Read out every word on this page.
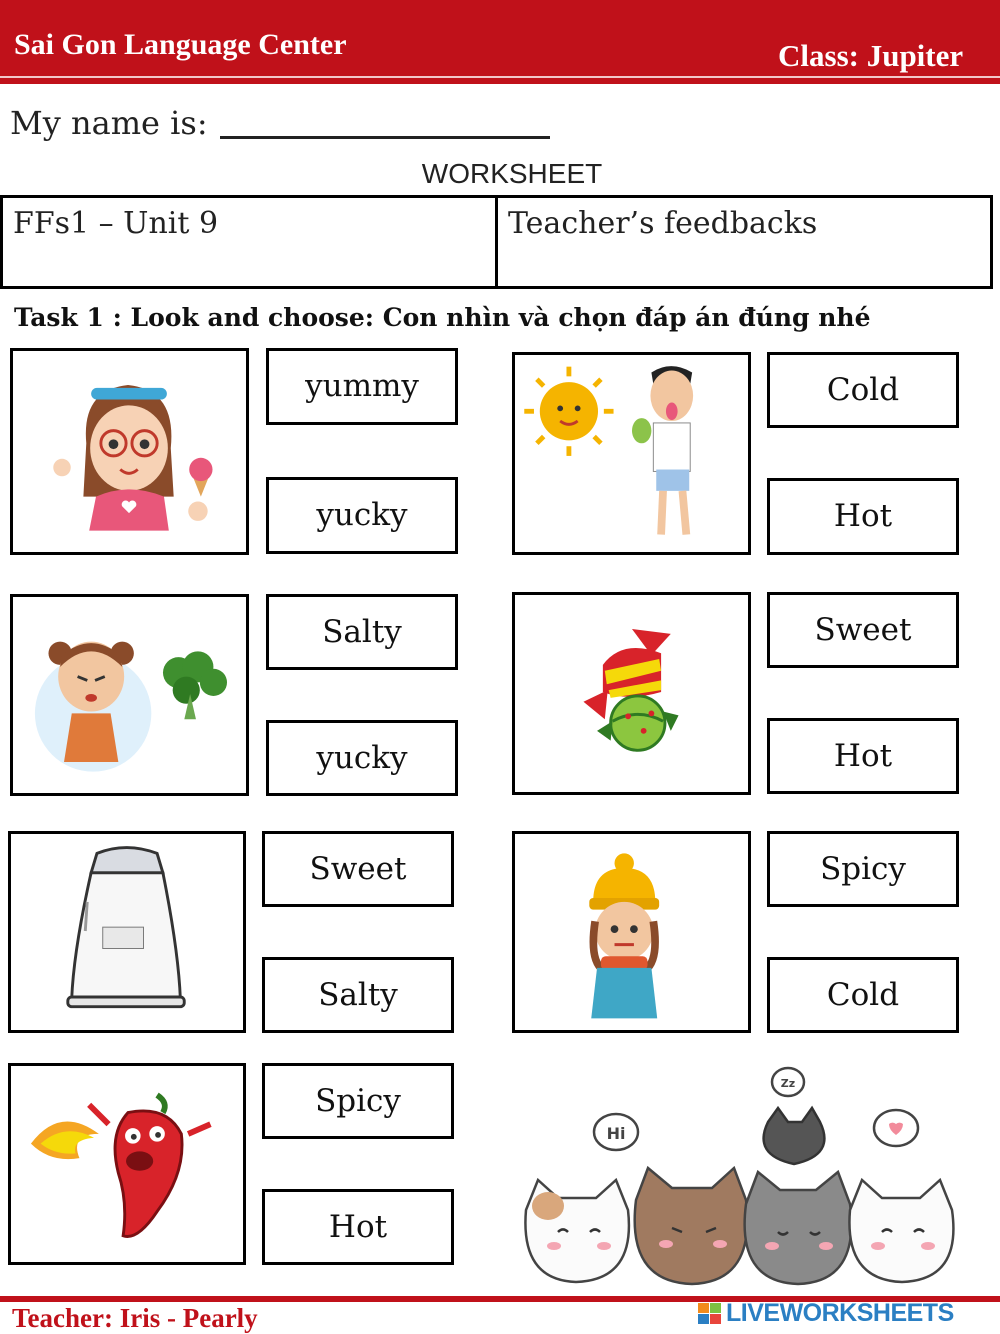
Sai Gon Language Center	Class: Jupiter
My name is:
WORKSHEET
FFs1 – Unit 9	Teacher’s feedbacks
Task 1 : Look and choose: Con nhìn và chọn đáp án đúng nhé
yummy
yucky
Cold
Hot
Salty
yucky
Sweet
Hot
Sweet
Salty
Spicy
Cold
Spicy
Hot
Hi
Zz
Teacher: Iris - Pearly	LIVEWORKSHEETS
